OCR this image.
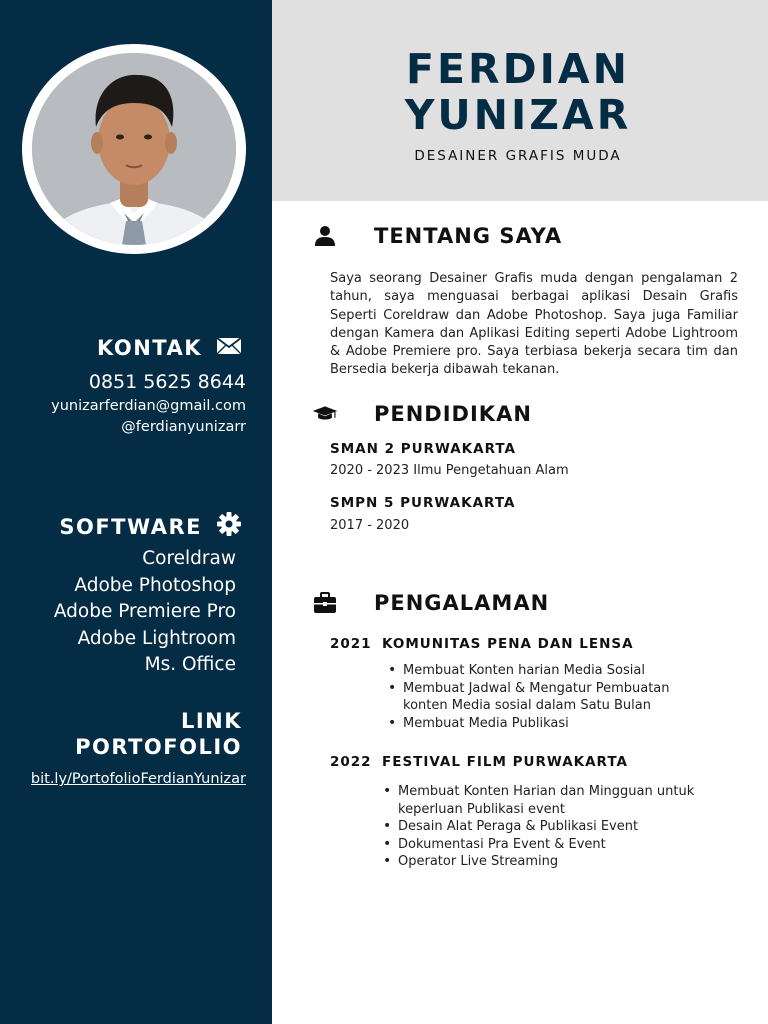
KONTAK
0851 5625 8644
yunizarferdian@gmail.com
@ferdianyunizarr
SOFTWARE
Coreldraw
Adobe Photoshop
Adobe Premiere Pro
Adobe Lightroom
Ms. Office
LINK
PORTOFOLIO
bit.ly/PortofolioFerdianYunizar
FERDIAN
YUNIZAR
DESAINER GRAFIS MUDA
TENTANG SAYA

Saya seorang Desainer Grafis muda dengan pengalaman 2 tahun, saya menguasai berbagai aplikasi Desain Grafis Seperti Coreldraw dan Adobe Photoshop. Saya juga Familiar dengan Kamera dan Aplikasi Editing seperti Adobe Lightroom & Adobe Premiere pro. Saya terbiasa bekerja secara tim dan Bersedia bekerja dibawah tekanan.

PENDIDIKAN
SMAN 2 PURWAKARTA
2020 - 2023 Ilmu Pengetahuan Alam
SMPN 5 PURWAKARTA
2017 - 2020
PENGALAMAN
2021 KOMUNITAS PENA DAN LENSA
• Membuat Konten harian Media Sosial
• Membuat Jadwal & Mengatur Pembuatan konten Media sosial dalam Satu Bulan
• Membuat Media Publikasi
2022 FESTIVAL FILM PURWAKARTA
• Membuat Konten Harian dan Mingguan untuk keperluan Publikasi event
• Desain Alat Peraga & Publikasi Event
• Dokumentasi Pra Event & Event
• Operator Live Streaming
